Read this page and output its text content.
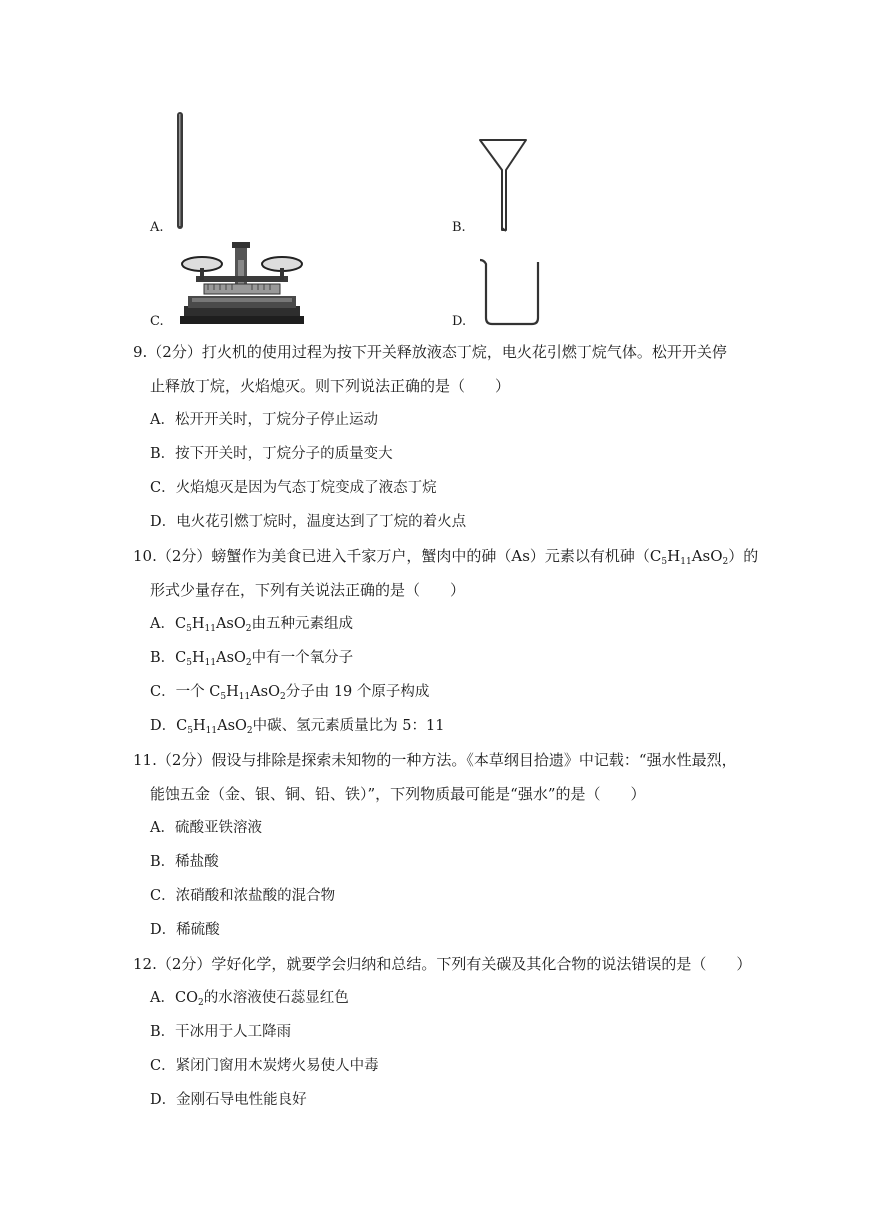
A.	B.
C.	D.
9.（2分）打火机的使用过程为按下开关释放液态丁烷，电火花引燃丁烷气体。松开开关停
止释放丁烷，火焰熄灭。则下列说法正确的是（　　）
A．松开开关时，丁烷分子停止运动
B．按下开关时，丁烷分子的质量变大
C．火焰熄灭是因为气态丁烷变成了液态丁烷
D．电火花引燃丁烷时，温度达到了丁烷的着火点
10.（2分）螃蟹作为美食已进入千家万户，蟹肉中的砷（As）元素以有机砷$(C_5H_{11}AsO_2)$的
形式少量存在，下列有关说法正确的是（　　）
A．$C_5H_{11}AsO_2$由五种元素组成
B．$C_5H_{11}AsO_2$中有一个氧分子
C．一个 $C_5H_{11}AsO_2$分子由 19 个原子构成
D．$C_5H_{11}AsO_2$中碳、氢元素质量比为 5：11
11.（2分）假设与排除是探索未知物的一种方法。《本草纲目拾遗》中记载：“强水性最烈，
能蚀五金（金、银、铜、铅、铁）”，下列物质最可能是“强水”的是（　　）
A．硫酸亚铁溶液
B．稀盐酸
C．浓硝酸和浓盐酸的混合物
D．稀硫酸
12.（2分）学好化学，就要学会归纳和总结。下列有关碳及其化合物的说法错误的是（　　）
A．$CO_2$的水溶液使石蕊显红色
B．干冰用于人工降雨
C．紧闭门窗用木炭烤火易使人中毒
D．金刚石导电性能良好
